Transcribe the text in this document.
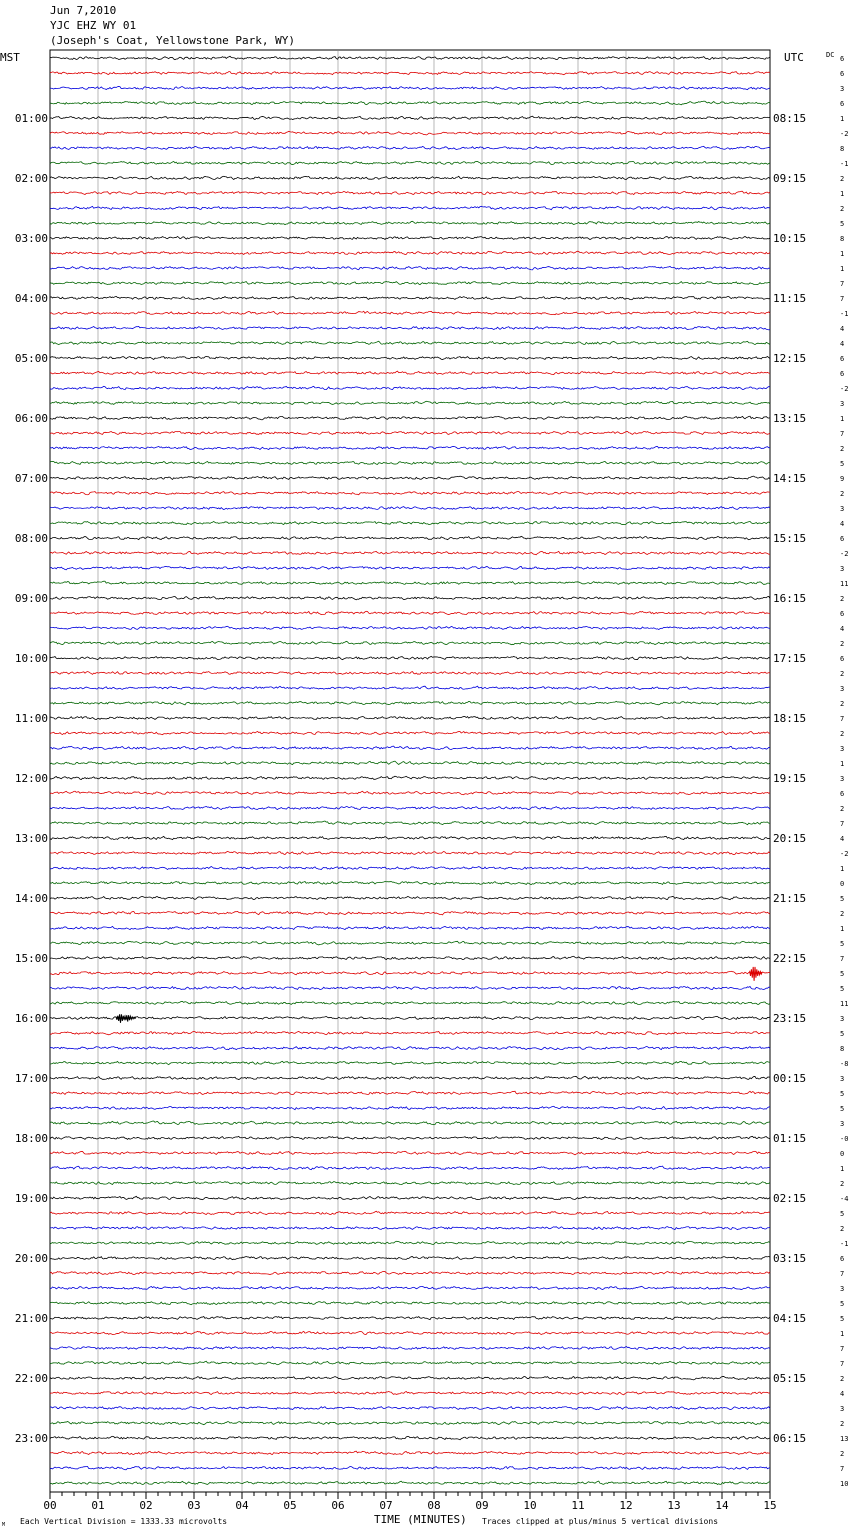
Jun 7,2010
YJC EHZ WY 01
(Joseph's Coat, Yellowstone Park, WY)
00	01	02	03	04	05	06	07	08	09	10	11	12	13	14	15
6
6
3
6
1
-2
8
-1
2
1
2
5
8
1
1
7
7
-1
4
4
6
6
-2
3
1
7
2
5
9
2
3
4
6
-2
3
11
2
6
4
2
6
2
3
2
7
2
3
1
3
6
2
7
4
-2
1
0
5
2
1
5
7
5
5
11
3
5
8
-8
3
5
5
3
-0
0
1
2
-4
5
2
-1
6
7
3
5
5
1
7
7
2
4
3
2
13
2
7
10
01:00
02:00
03:00
04:00
05:00
06:00
07:00
08:00
09:00
10:00
11:00
12:00
13:00
14:00
15:00
16:00
17:00
18:00
19:00
20:00
21:00
22:00
23:00
08:15
09:15
10:15
11:15
12:15
13:15
14:15
15:15
16:15
17:15
18:15
19:15
20:15
21:15
22:15
23:15
00:15
01:15
02:15
03:15
04:15
05:15
06:15
MST	UTC	DC
Each Vertical Division = 1333.33 microvolts	TIME (MINUTES) Traces clipped at plus/minus 5 vertical divisions
M
